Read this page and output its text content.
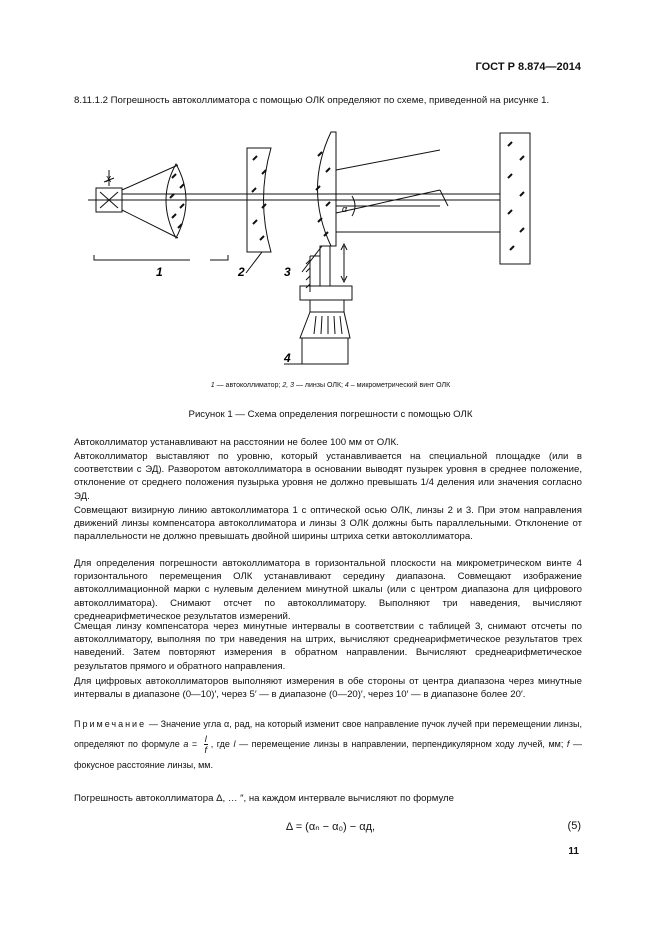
ГОСТ Р 8.874—2014

8.11.1.2 Погрешность автоколлиматора с помощью ОЛК определяют по схеме, приведенной на рисунке 1.

1	2	3
4
α
X
1 — автоколлиматор; 2, 3 — линзы ОЛК; 4 – микрометрический винт ОЛК
Рисунок 1 — Схема определения погрешности с помощью ОЛК

Автоколлиматор устанавливают на расстоянии не более 100 мм от ОЛК.

Автоколлиматор выставляют по уровню, который устанавливается на специальной площадке (или в соответствии с ЭД). Разворотом автоколлиматора в основании выводят пузырек уровня в среднее положение, отклонение от среднего положения пузырька уровня не должно превышать 1/4 деления или значения согласно ЭД.

Совмещают визирную линию автоколлиматора 1 с оптической осью ОЛК, линзы 2 и 3. При этом направления движений линзы компенсатора автоколлиматора и линзы 3 ОЛК должны быть параллельными. Отклонение от параллельности не должно превышать двойной ширины штриха сетки автоколлиматора.

Для определения погрешности автоколлиматора в горизонтальной плоскости на микрометрическом винте 4 горизонтального перемещения ОЛК устанавливают середину диапазона. Совмещают изображение автоколлимационной марки с нулевым делением минутной шкалы (или с центром диапазона для цифрового автоколлиматора). Снимают отсчет по автоколлиматору. Выполняют три наведения, вычисляют среднеарифметическое результатов измерений.

Смещая линзу компенсатора через минутные интервалы в соответствии с таблицей 3, снимают отсчеты по автоколлиматору, выполняя по три наведения на штрих, вычисляют среднеарифметическое результатов трех наведений. Затем повторяют измерения в обратном направлении. Вычисляют среднеарифметическое результатов прямого и обратного направления.

Для цифровых автоколлиматоров выполняют измерения в обе стороны от центра диапазона через минутные интервалы в диапазоне (0—10)′, через 5′ — в диапазоне (0—20)′, через 10′ — в диапазоне более 20′.

Примечание — Значение угла α, рад, на который изменит свое направление пучок лучей при перемещении линзы, определяют по формуле $a = \frac{l}{f}$ , где l — перемещение линзы в направлении, перпендикулярном ходу лучей, мм; f — фокусное расстояние линзы, мм.

Погрешность автоколлиматора Δ, … ″, на каждом интервале вычисляют по формуле

Δ = (αₙ − α₀) − αд,	(5)
11
